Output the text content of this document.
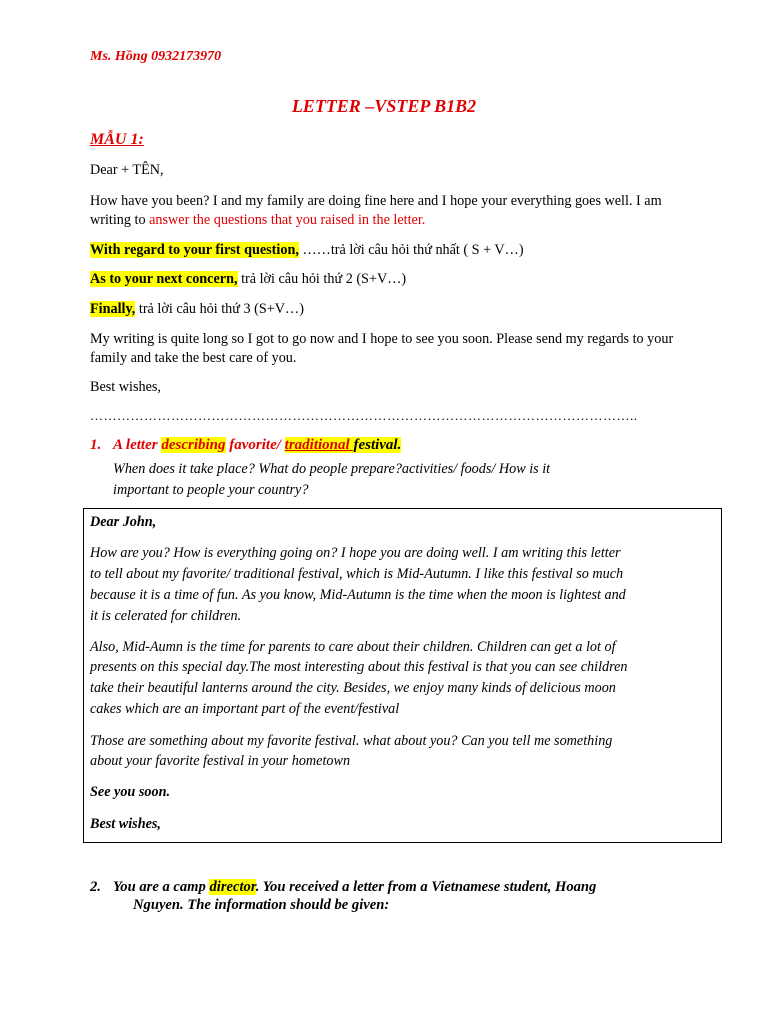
Ms. Hồng 0932173970
LETTER –VSTEP B1B2
MẪU 1:
Dear + TÊN,
How have you been? I and my family are doing fine here and I hope your everything goes well. I am
writing to answer the questions that you raised in the letter.
With regard to your first question, ……trả lời câu hỏi thứ nhất ( S + V…)
As to your next concern, trả lời câu hỏi thứ 2 (S+V…)
Finally, trả lời câu hỏi thứ 3 (S+V…)
My writing is quite long so I got to go now and I hope to see you soon. Please send my regards to your
family and take the best care of you.
Best wishes,
…………………………………………………………………………………………………………..
1. A letter describing favorite/ traditional festival.
When does it take place? What do people prepare?activities/ foods/ How is it
important to people your country?
Dear John,
How are you? How is everything going on? I hope you are doing well. I am writing this letter
to tell about my favorite/ traditional festival, which is Mid-Autumn. I like this festival so much
because it is a time of fun. As you know, Mid-Autumn is the time when the moon is lightest and
it is celerated for children.
Also, Mid-Aumn is the time for parents to care about their children. Children can get a lot of
presents on this special day.The most interesting about this festival is that you can see children
take their beautiful lanterns around the city. Besides, we enjoy many kinds of delicious moon
cakes which are an important part of the event/festival
Those are something about my favorite festival. what about you? Can you tell me something
about your favorite festival in your hometown
See you soon.
Best wishes,
2. You are a camp director. You received a letter from a Vietnamese student, Hoang
Nguyen. The information should be given:
